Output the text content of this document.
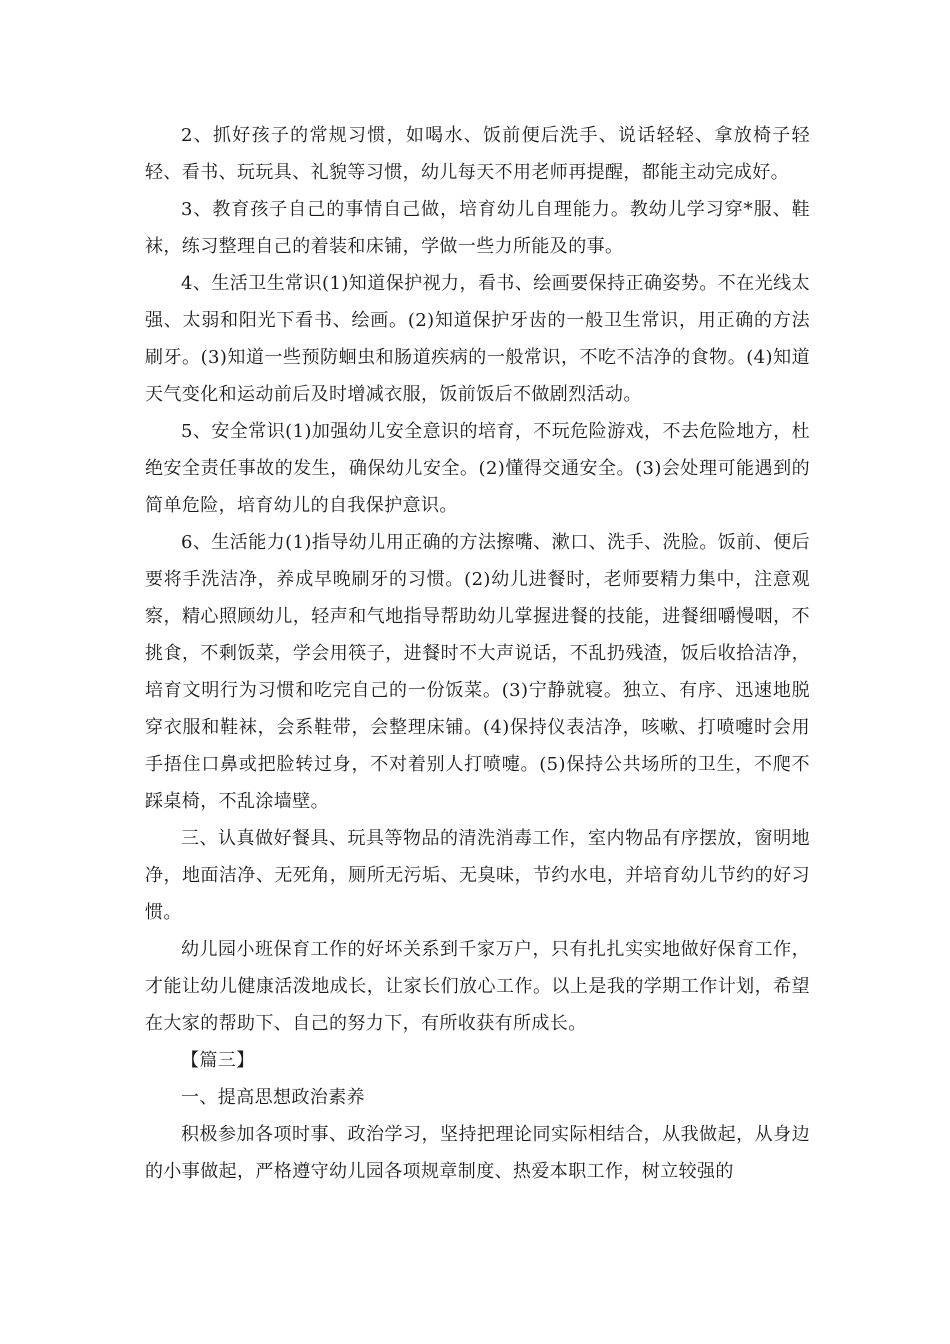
2、抓好孩子的常规习惯，如喝水、饭前便后洗手、说话轻轻、拿放椅子轻轻、看书、玩玩具、礼貌等习惯，幼儿每天不用老师再提醒，都能主动完成好。

3、教育孩子自己的事情自己做，培育幼儿自理能力。教幼儿学习穿*服、鞋袜，练习整理自己的着装和床铺，学做一些力所能及的事。

4、生活卫生常识(1)知道保护视力，看书、绘画要保持正确姿势。不在光线太强、太弱和阳光下看书、绘画。(2)知道保护牙齿的一般卫生常识，用正确的方法刷牙。(3)知道一些预防蛔虫和肠道疾病的一般常识，不吃不洁净的食物。(4)知道天气变化和运动前后及时增减衣服，饭前饭后不做剧烈活动。

5、安全常识(1)加强幼儿安全意识的培育，不玩危险游戏，不去危险地方，杜绝安全责任事故的发生，确保幼儿安全。(2)懂得交通安全。(3)会处理可能遇到的简单危险，培育幼儿的自我保护意识。

6、生活能力(1)指导幼儿用正确的方法擦嘴、漱口、洗手、洗脸。饭前、便后要将手洗洁净，养成早晚刷牙的习惯。(2)幼儿进餐时，老师要精力集中，注意观察，精心照顾幼儿，轻声和气地指导帮助幼儿掌握进餐的技能，进餐细嚼慢咽，不挑食，不剩饭菜，学会用筷子，进餐时不大声说话，不乱扔残渣，饭后收拾洁净，培育文明行为习惯和吃完自己的一份饭菜。(3)宁静就寝。独立、有序、迅速地脱穿衣服和鞋袜，会系鞋带，会整理床铺。(4)保持仪表洁净，咳嗽、打喷嚏时会用手捂住口鼻或把脸转过身，不对着别人打喷嚏。(5)保持公共场所的卫生，不爬不踩桌椅，不乱涂墙壁。

三、认真做好餐具、玩具等物品的清洗消毒工作，室内物品有序摆放，窗明地净，地面洁净、无死角，厕所无污垢、无臭味，节约水电，并培育幼儿节约的好习惯。

幼儿园小班保育工作的好坏关系到千家万户，只有扎扎实实地做好保育工作，才能让幼儿健康活泼地成长，让家长们放心工作。以上是我的学期工作计划，希望在大家的帮助下、自己的努力下，有所收获有所成长。

【篇三】

一、提高思想政治素养

积极参加各项时事、政治学习，坚持把理论同实际相结合，从我做起，从身边的小事做起，严格遵守幼儿园各项规章制度、热爱本职工作，树立较强的
